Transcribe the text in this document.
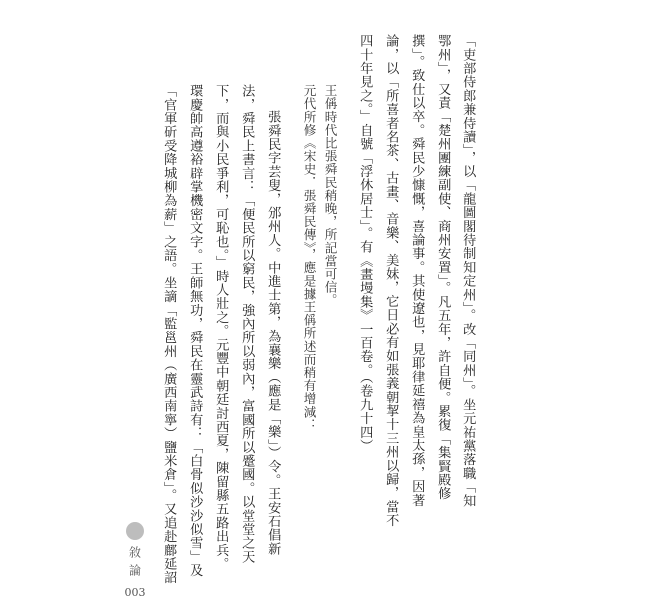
「吏部侍郎兼侍讀」，以「龍圖閣待制知定州」。改「同州」。坐元祐黨落職「知
鄂州」，又責「楚州團練副使、商州安置」。凡五年，許自便。累復「集賢殿修
撰」。致仕以卒。舜民少慷慨，喜論事。其使遼也，見耶律延禧為皇太孫，因著
論，以「所喜者名茶、古畫、音樂、美妹，它日必有如張義朝挈十三州以歸，當不
四十年見之。」自號「浮休居士」。有《畫墁集》一百卷。（卷九十四）
王偁時代比張舜民稍晚，所記當可信。
元代所修《宋史．張舜民傳》，應是據王偁所述而稍有增減：
張舜民字芸叟，邠州人。中進士第，為襄樂（應是「樂」）令。王安石倡新
法，舜民上書言：「便民所以窮民，強內所以弱內，富國所以蹙國。以堂堂之天
下，而與小民爭利，可恥也。」時人壯之。元豐中朝廷討西夏，陳留縣五路出兵。
環慶帥高遵裕辟掌機密文字。王師無功，舜民在靈武詩有：「白骨似沙沙似雪」及
「官軍斫受降城柳為薪」之語。坐謫「監邕州（廣西南寧）鹽米倉」。又追赴鄜延詔
敘論
003
